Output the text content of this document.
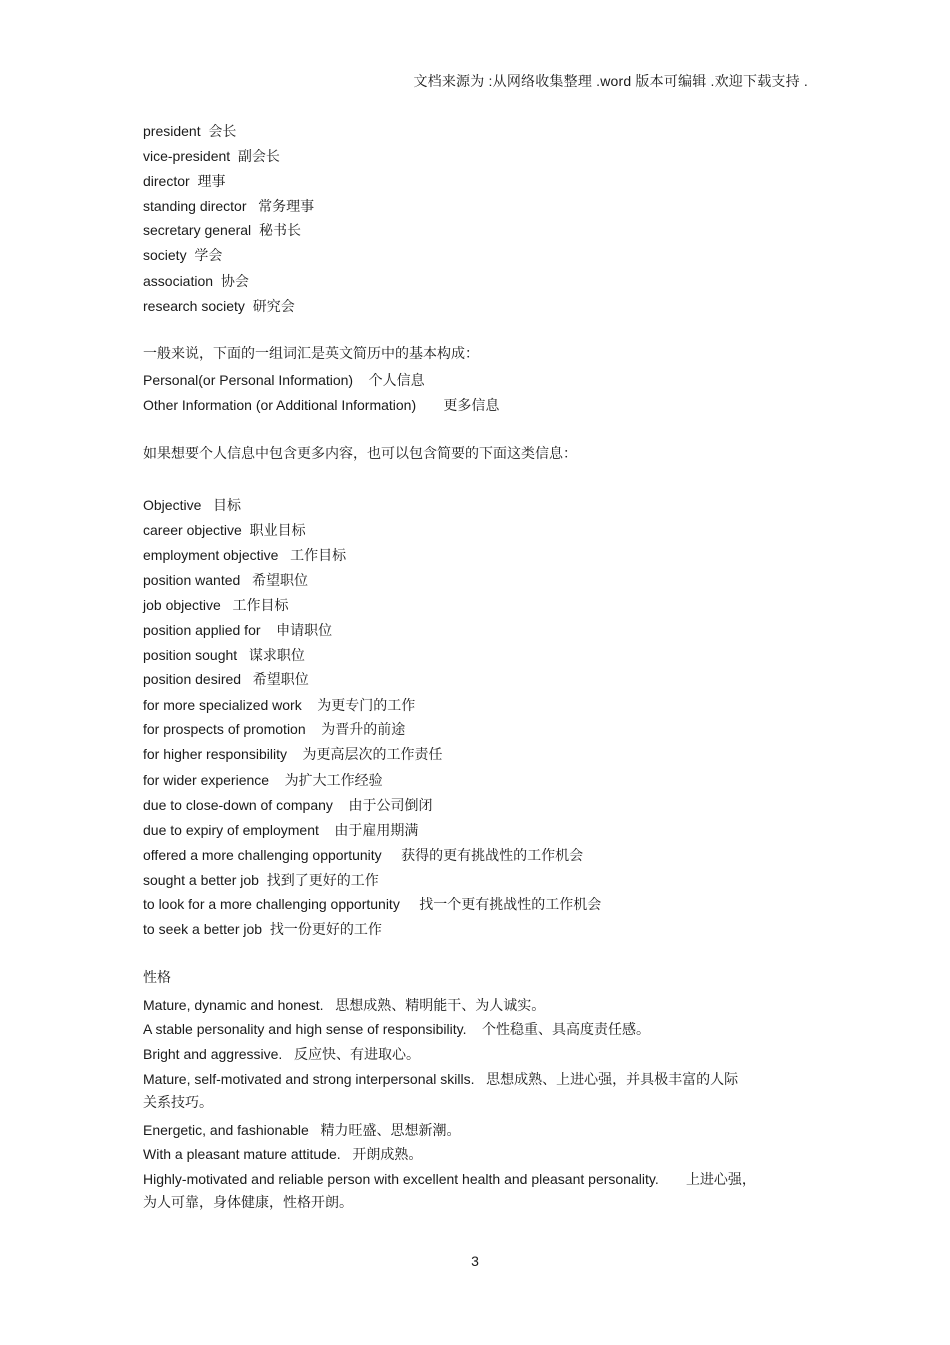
文档来源为 :从网络收集整理 .word 版本可编辑 .欢迎下载支持 .
president  会长
vice-president  副会长
director  理事
standing director   常务理事
secretary general  秘书长
society  学会
association  协会
research society  研究会
一般来说，下面的一组词汇是英文简历中的基本构成：
Personal(or Personal Information)    个人信息
Other Information (or Additional Information)       更多信息
如果想要个人信息中包含更多内容，也可以包含简要的下面这类信息：
Objective   目标
career objective  职业目标
employment objective   工作目标
position wanted   希望职位
job objective   工作目标
position applied for    申请职位
position sought   谋求职位
position desired   希望职位
for more specialized work    为更专门的工作
for prospects of promotion    为晋升的前途
for higher responsibility    为更高层次的工作责任
for wider experience    为扩大工作经验
due to close-down of company    由于公司倒闭
due to expiry of employment    由于雇用期满
offered a more challenging opportunity     获得的更有挑战性的工作机会
sought a better job  找到了更好的工作
to look for a more challenging opportunity     找一个更有挑战性的工作机会
to seek a better job  找一份更好的工作
性格
Mature, dynamic and honest.   思想成熟、精明能干、为人诚实。
A stable personality and high sense of responsibility.    个性稳重、具高度责任感。
Bright and aggressive.   反应快、有进取心。
Mature, self-motivated and strong interpersonal skills.   思想成熟、上进心强，并具极丰富的人际
关系技巧。
Energetic, and fashionable   精力旺盛、思想新潮。
With a pleasant mature attitude.   开朗成熟。
Highly-motivated and reliable person with excellent health and pleasant personality.       上进心强，
为人可靠，身体健康，性格开朗。
3
